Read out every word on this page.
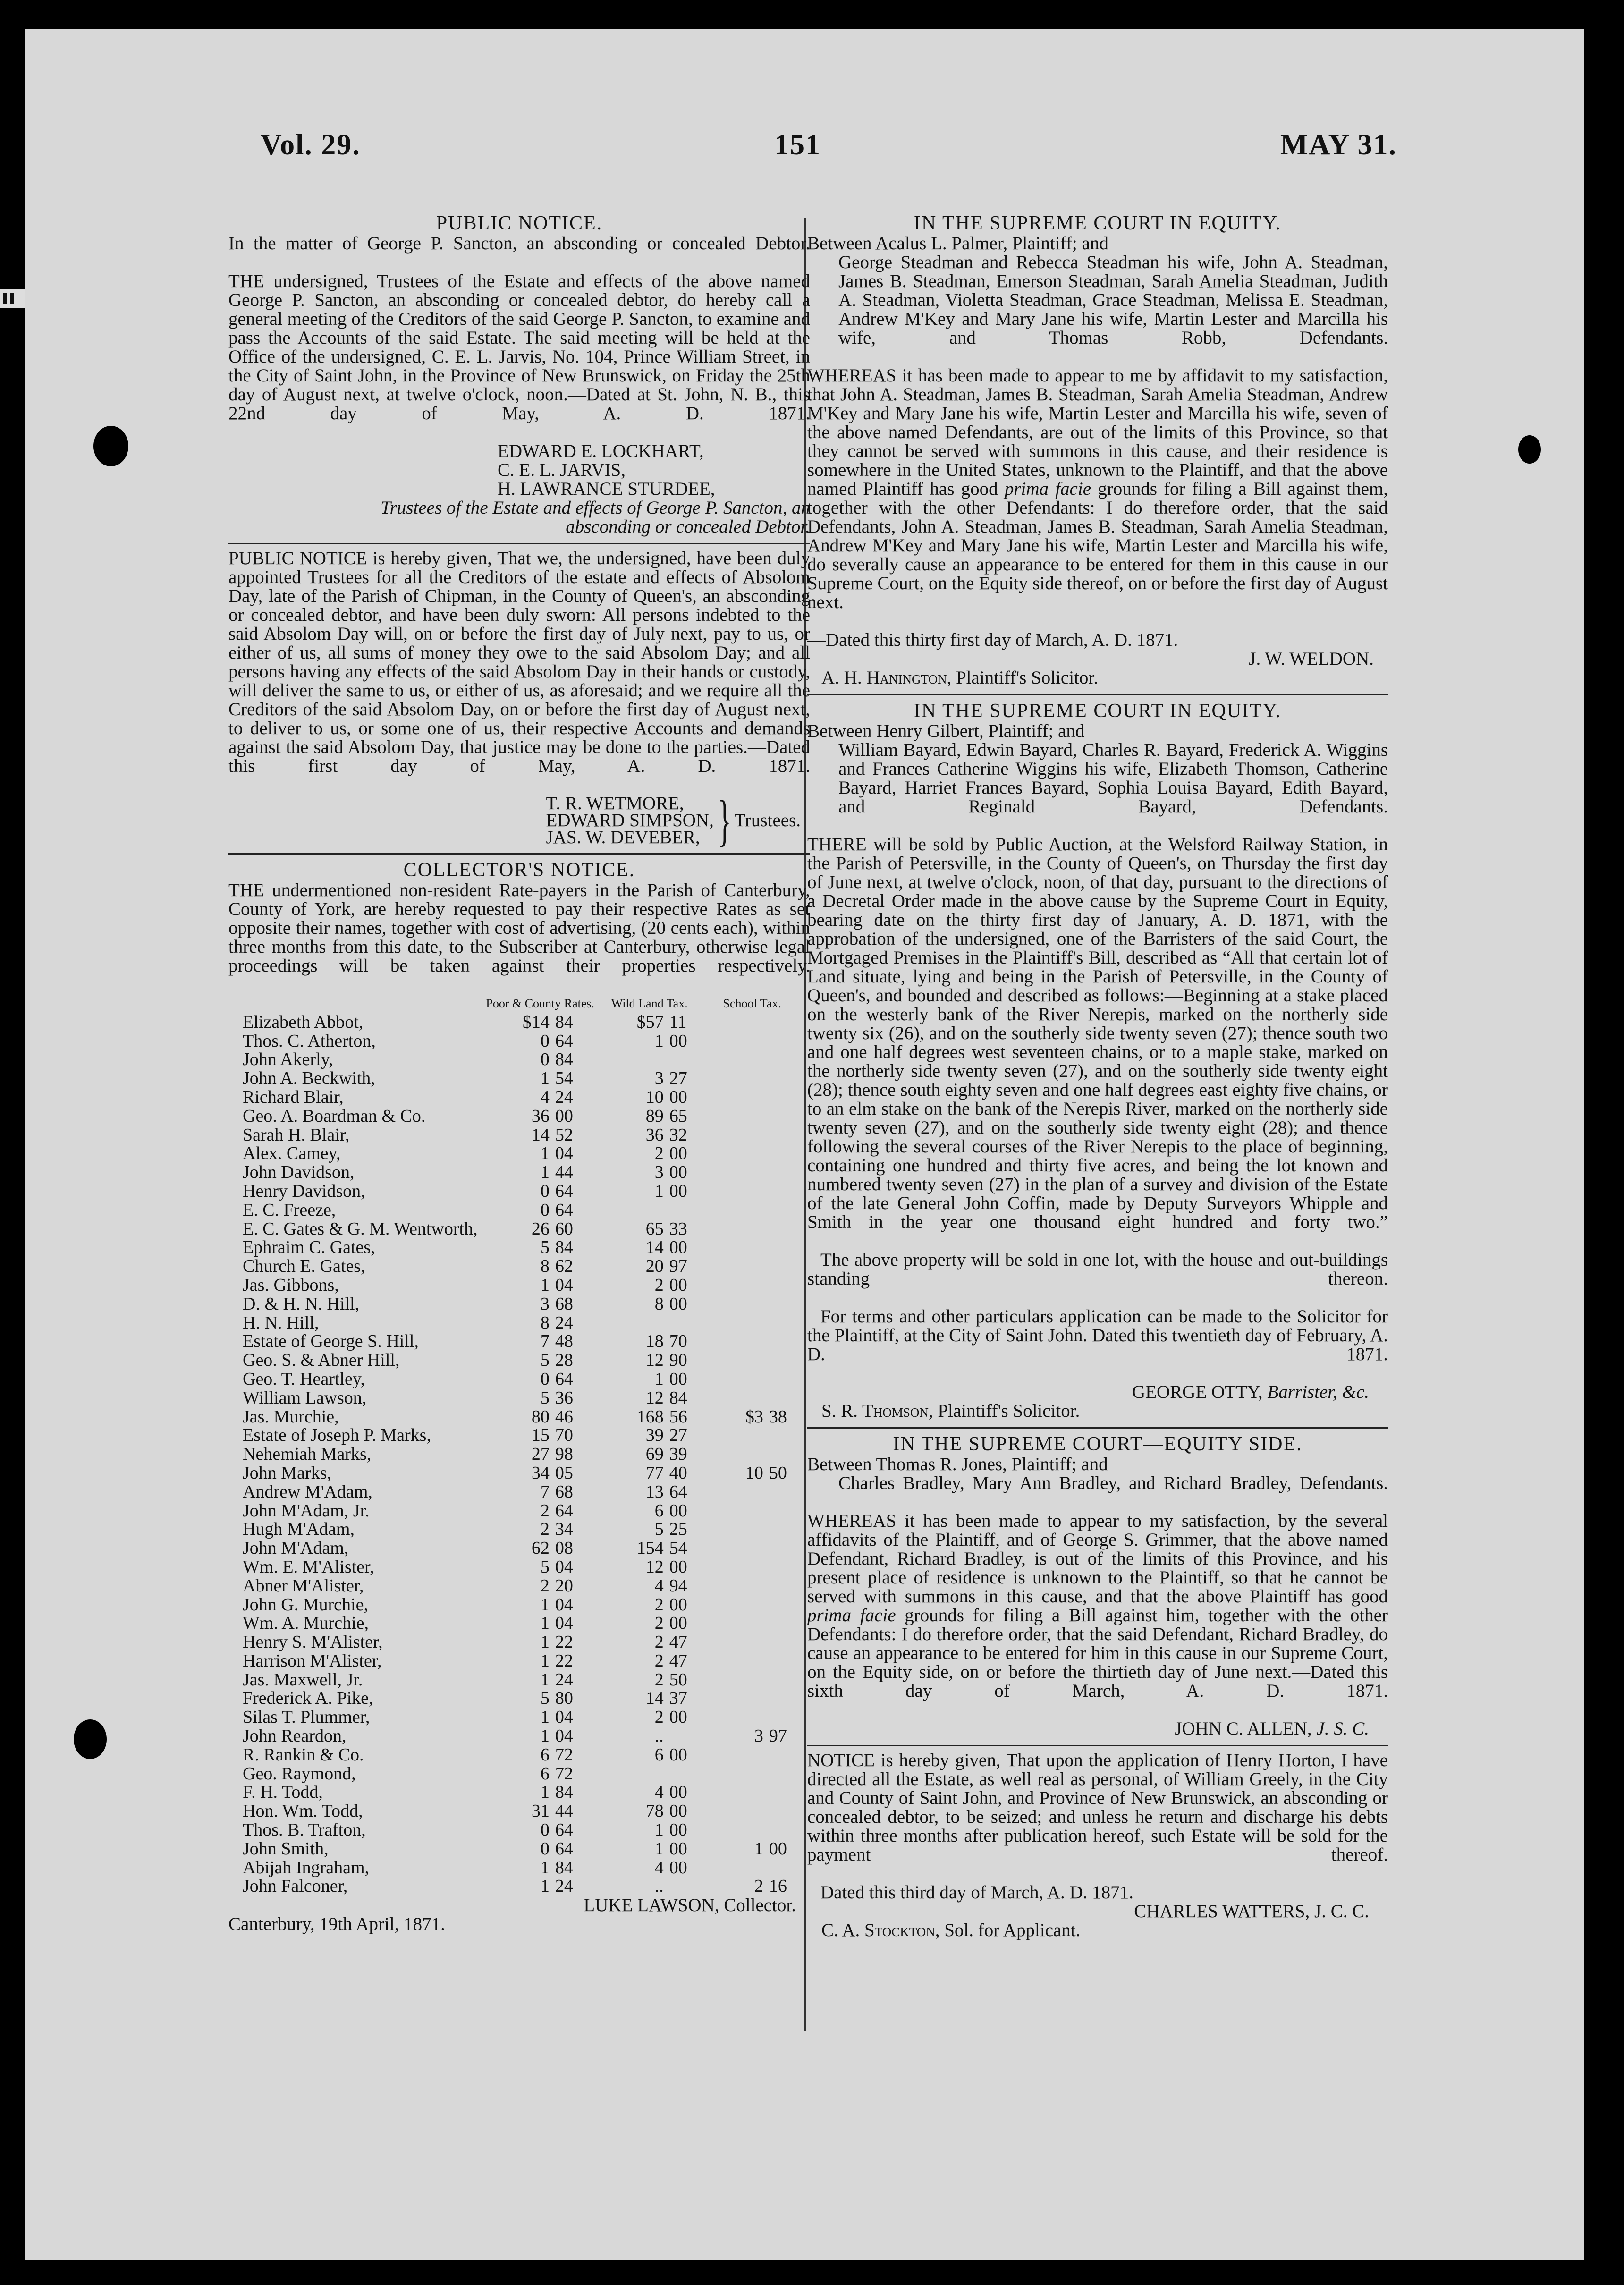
Vol. 29.	151	MAY 31.
PUBLIC NOTICE.

In the matter of George P. Sancton, an absconding or concealed Debtor.

THE undersigned, Trustees of the Estate and effects of the above named George P. Sancton, an absconding or concealed debtor, do hereby call a general meeting of the Creditors of the said George P. Sancton, to examine and pass the Accounts of the said Estate. The said meeting will be held at the Office of the undersigned, C. E. L. Jarvis, No. 104, Prince William Street, in the City of Saint John, in the Province of New Brunswick, on Friday the 25th day of August next, at twelve o'clock, noon.—Dated at St. John, N. B., this 22nd day of May, A. D. 1871.

EDWARD E. LOCKHART,
C. E. L. JARVIS,
H. LAWRANCE STURDEE,

Trustees of the Estate and effects of George P. Sancton, an absconding or concealed Debtor.

PUBLIC NOTICE is hereby given, That we, the undersigned, have been duly appointed Trustees for all the Creditors of the estate and effects of Absolom Day, late of the Parish of Chipman, in the County of Queen's, an absconding or concealed debtor, and have been duly sworn: All persons indebted to the said Absolom Day will, on or before the first day of July next, pay to us, or either of us, all sums of money they owe to the said Absolom Day; and all persons having any effects of the said Absolom Day in their hands or custody, will deliver the same to us, or either of us, as aforesaid; and we require all the Creditors of the said Absolom Day, on or before the first day of August next, to deliver to us, or some one of us, their respective Accounts and demands against the said Absolom Day, that justice may be done to the parties.—Dated this first day of May, A. D. 1871.

T. R. WETMORE,
EDWARD SIMPSON,
JAS. W. DEVEBER, } Trustees.
COLLECTOR'S NOTICE.

THE undermentioned non-resident Rate-payers in the Parish of Canterbury, County of York, are hereby requested to pay their respective Rates as set opposite their names, together with cost of advertising, (20 cents each), within three months from this date, to the Subscriber at Canterbury, otherwise legal proceedings will be taken against their properties respectively.

	Poor & County Rates.		Wild Land Tax.		School Tax.	
Elizabeth Abbot,	$14	84	$57	11		
Thos. C. Atherton,	0	64	1	00		
John Akerly,	0	84				
John A. Beckwith,	1	54	3	27		
Richard Blair,	4	24	10	00		
Geo. A. Boardman & Co.	36	00	89	65		
Sarah H. Blair,	14	52	36	32		
Alex. Camey,	1	04	2	00		
John Davidson,	1	44	3	00		
Henry Davidson,	0	64	1	00		
E. C. Freeze,	0	64				
E. C. Gates & G. M. Wentworth,	26	60	65	33		
Ephraim C. Gates,	5	84	14	00		
Church E. Gates,	8	62	20	97		
Jas. Gibbons,	1	04	2	00		
D. & H. N. Hill,	3	68	8	00		
H. N. Hill,	8	24				
Estate of George S. Hill,	7	48	18	70		
Geo. S. & Abner Hill,	5	28	12	90		
Geo. T. Heartley,	0	64	1	00		
William Lawson,	5	36	12	84		
Jas. Murchie,	80	46	168	56	$3	38
Estate of Joseph P. Marks,	15	70	39	27		
Nehemiah Marks,	27	98	69	39		
John Marks,	34	05	77	40	10	50
Andrew M'Adam,	7	68	13	64		
John M'Adam, Jr.	2	64	6	00		
Hugh M'Adam,	2	34	5	25		
John M'Adam,	62	08	154	54		
Wm. E. M'Alister,	5	04	12	00		
Abner M'Alister,	2	20	4	94		
John G. Murchie,	1	04	2	00		
Wm. A. Murchie,	1	04	2	00		
Henry S. M'Alister,	1	22	2	47		
Harrison M'Alister,	1	22	2	47		
Jas. Maxwell, Jr.	1	24	2	50		
Frederick A. Pike,	5	80	14	37		
Silas T. Plummer,	1	04	2	00		
John Reardon,	1	04	..		3	97
R. Rankin & Co.	6	72	6	00		
Geo. Raymond,	6	72				
F. H. Todd,	1	84	4	00		
Hon. Wm. Todd,	31	44	78	00		
Thos. B. Trafton,	0	64	1	00		
John Smith,	0	64	1	00	1	00
Abijah Ingraham,	1	84	4	00		
John Falconer,	1	24	..		2	16
LUKE LAWSON, Collector.
Canterbury, 19th April, 1871.
IN THE SUPREME COURT IN EQUITY.
Between Acalus L. Palmer, Plaintiff; and

George Steadman and Rebecca Steadman his wife, John A. Steadman, James B. Steadman, Emerson Steadman, Sarah Amelia Steadman, Judith A. Steadman, Violetta Steadman, Grace Steadman, Melissa E. Steadman, Andrew M'Key and Mary Jane his wife, Martin Lester and Marcilla his wife, and Thomas Robb, Defendants.

WHEREAS it has been made to appear to me by affidavit to my satisfaction, that John A. Steadman, James B. Steadman, Sarah Amelia Steadman, Andrew M'Key and Mary Jane his wife, Martin Lester and Marcilla his wife, seven of the above named Defendants, are out of the limits of this Province, so that they cannot be served with summons in this cause, and their residence is somewhere in the United States, unknown to the Plaintiff, and that the above named Plaintiff has good prima facie grounds for filing a Bill against them, together with the other Defendants: I do therefore order, that the said Defendants, John A. Steadman, James B. Steadman, Sarah Amelia Steadman, Andrew M'Key and Mary Jane his wife, Martin Lester and Marcilla his wife, do severally cause an appearance to be entered for them in this cause in our Supreme Court, on the Equity side thereof, on or before the first day of August next.

—Dated this thirty first day of March, A. D. 1871.
J. W. WELDON.
A. H. Hanington, Plaintiff's Solicitor.
IN THE SUPREME COURT IN EQUITY.
Between Henry Gilbert, Plaintiff; and

William Bayard, Edwin Bayard, Charles R. Bayard, Frederick A. Wiggins and Frances Catherine Wiggins his wife, Elizabeth Thomson, Catherine Bayard, Harriet Frances Bayard, Sophia Louisa Bayard, Edith Bayard, and Reginald Bayard, Defendants.

THERE will be sold by Public Auction, at the Welsford Railway Station, in the Parish of Petersville, in the County of Queen's, on Thursday the first day of June next, at twelve o'clock, noon, of that day, pursuant to the directions of a Decretal Order made in the above cause by the Supreme Court in Equity, bearing date on the thirty first day of January, A. D. 1871, with the approbation of the undersigned, one of the Barristers of the said Court, the Mortgaged Premises in the Plaintiff's Bill, described as “All that certain lot of Land situate, lying and being in the Parish of Petersville, in the County of Queen's, and bounded and described as follows:—Beginning at a stake placed on the westerly bank of the River Nerepis, marked on the northerly side twenty six (26), and on the southerly side twenty seven (27); thence south two and one half degrees west seventeen chains, or to a maple stake, marked on the northerly side twenty seven (27), and on the southerly side twenty eight (28); thence south eighty seven and one half degrees east eighty five chains, or to an elm stake on the bank of the Nerepis River, marked on the northerly side twenty seven (27), and on the southerly side twenty eight (28); and thence following the several courses of the River Nerepis to the place of beginning, containing one hundred and thirty five acres, and being the lot known and numbered twenty seven (27) in the plan of a survey and division of the Estate of the late General John Coffin, made by Deputy Surveyors Whipple and Smith in the year one thousand eight hundred and forty two.”

The above property will be sold in one lot, with the house and out-buildings standing thereon.

For terms and other particulars application can be made to the Solicitor for the Plaintiff, at the City of Saint John. Dated this twentieth day of February, A. D. 1871.

GEORGE OTTY, Barrister, &c.
S. R. Thomson, Plaintiff's Solicitor.
IN THE SUPREME COURT—EQUITY SIDE.
Between Thomas R. Jones, Plaintiff; and

Charles Bradley, Mary Ann Bradley, and Richard Bradley, Defendants.

WHEREAS it has been made to appear to my satisfaction, by the several affidavits of the Plaintiff, and of George S. Grimmer, that the above named Defendant, Richard Bradley, is out of the limits of this Province, and his present place of residence is unknown to the Plaintiff, so that he cannot be served with summons in this cause, and that the above Plaintiff has good prima facie grounds for filing a Bill against him, together with the other Defendants: I do therefore order, that the said Defendant, Richard Bradley, do cause an appearance to be entered for him in this cause in our Supreme Court, on the Equity side, on or before the thirtieth day of June next.—Dated this sixth day of March, A. D. 1871.

JOHN C. ALLEN, J. S. C.

NOTICE is hereby given, That upon the application of Henry Horton, I have directed all the Estate, as well real as personal, of William Greely, in the City and County of Saint John, and Province of New Brunswick, an absconding or concealed debtor, to be seized; and unless he return and discharge his debts within three months after publication hereof, such Estate will be sold for the payment thereof.

Dated this third day of March, A. D. 1871.
CHARLES WATTERS, J. C. C.
C. A. Stockton, Sol. for Applicant.
